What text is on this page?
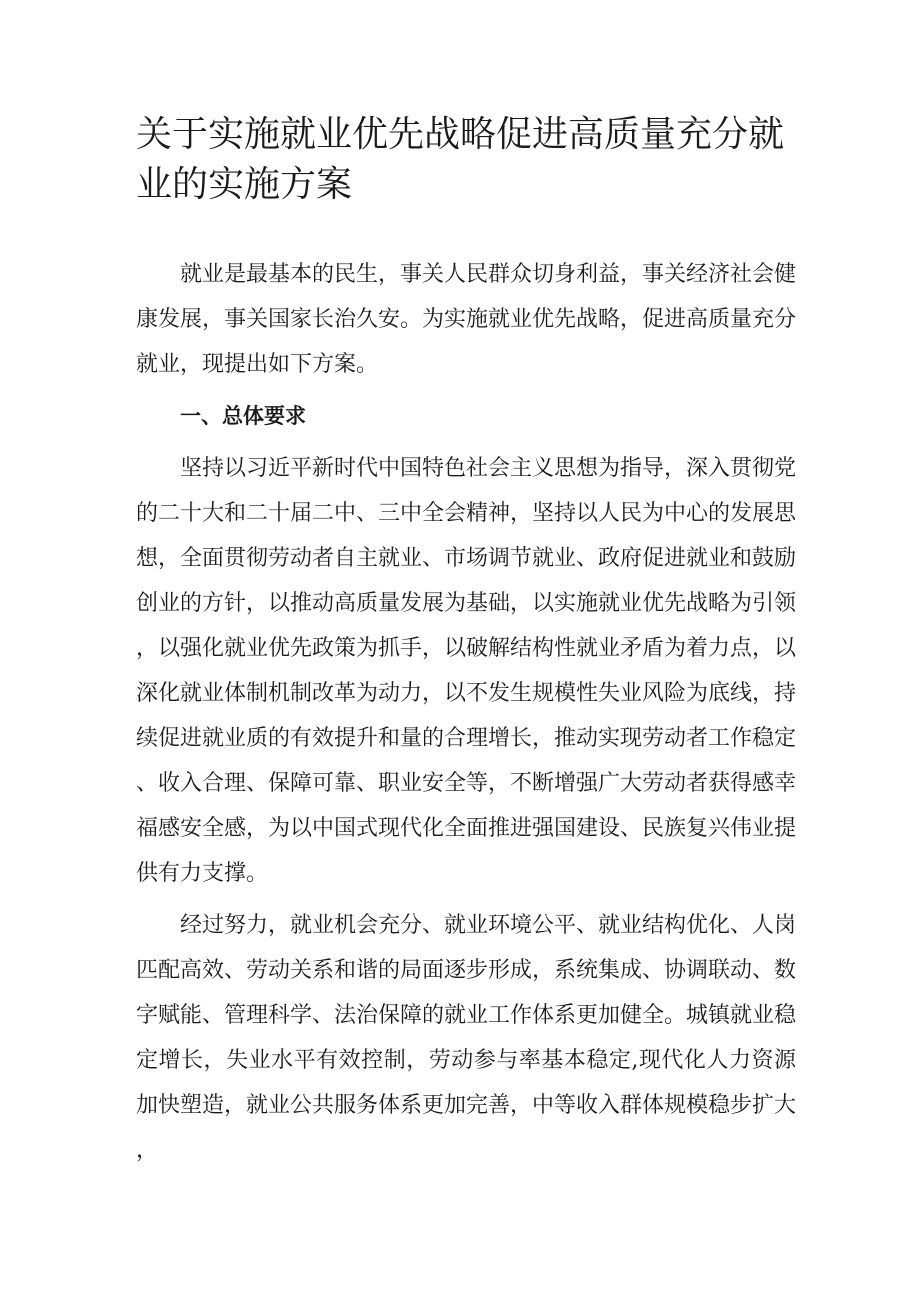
关于实施就业优先战略促进高质量充分就业的实施方案

就业是最基本的民生，事关人民群众切身利益，事关经济社会健康发展，事关国家长治久安。为实施就业优先战略，促进高质量充分就业，现提出如下方案。

一、总体要求

坚持以习近平新时代中国特色社会主义思想为指导，深入贯彻党的二十大和二十届二中、三中全会精神，坚持以人民为中心的发展思想，全面贯彻劳动者自主就业、市场调节就业、政府促进就业和鼓励创业的方针，以推动高质量发展为基础，以实施就业优先战略为引领，以强化就业优先政策为抓手，以破解结构性就业矛盾为着力点，以深化就业体制机制改革为动力，以不发生规模性失业风险为底线，持续促进就业质的有效提升和量的合理增长，推动实现劳动者工作稳定、收入合理、保障可靠、职业安全等，不断增强广大劳动者获得感幸福感安全感，为以中国式现代化全面推进强国建设、民族复兴伟业提供有力支撑。

经过努力，就业机会充分、就业环境公平、就业结构优化、人岗匹配高效、劳动关系和谐的局面逐步形成，系统集成、协调联动、数字赋能、管理科学、法治保障的就业工作体系更加健全。城镇就业稳定增长，失业水平有效控制，劳动参与率基本稳定,现代化人力资源加快塑造，就业公共服务体系更加完善，中等收入群体规模稳步扩大，
